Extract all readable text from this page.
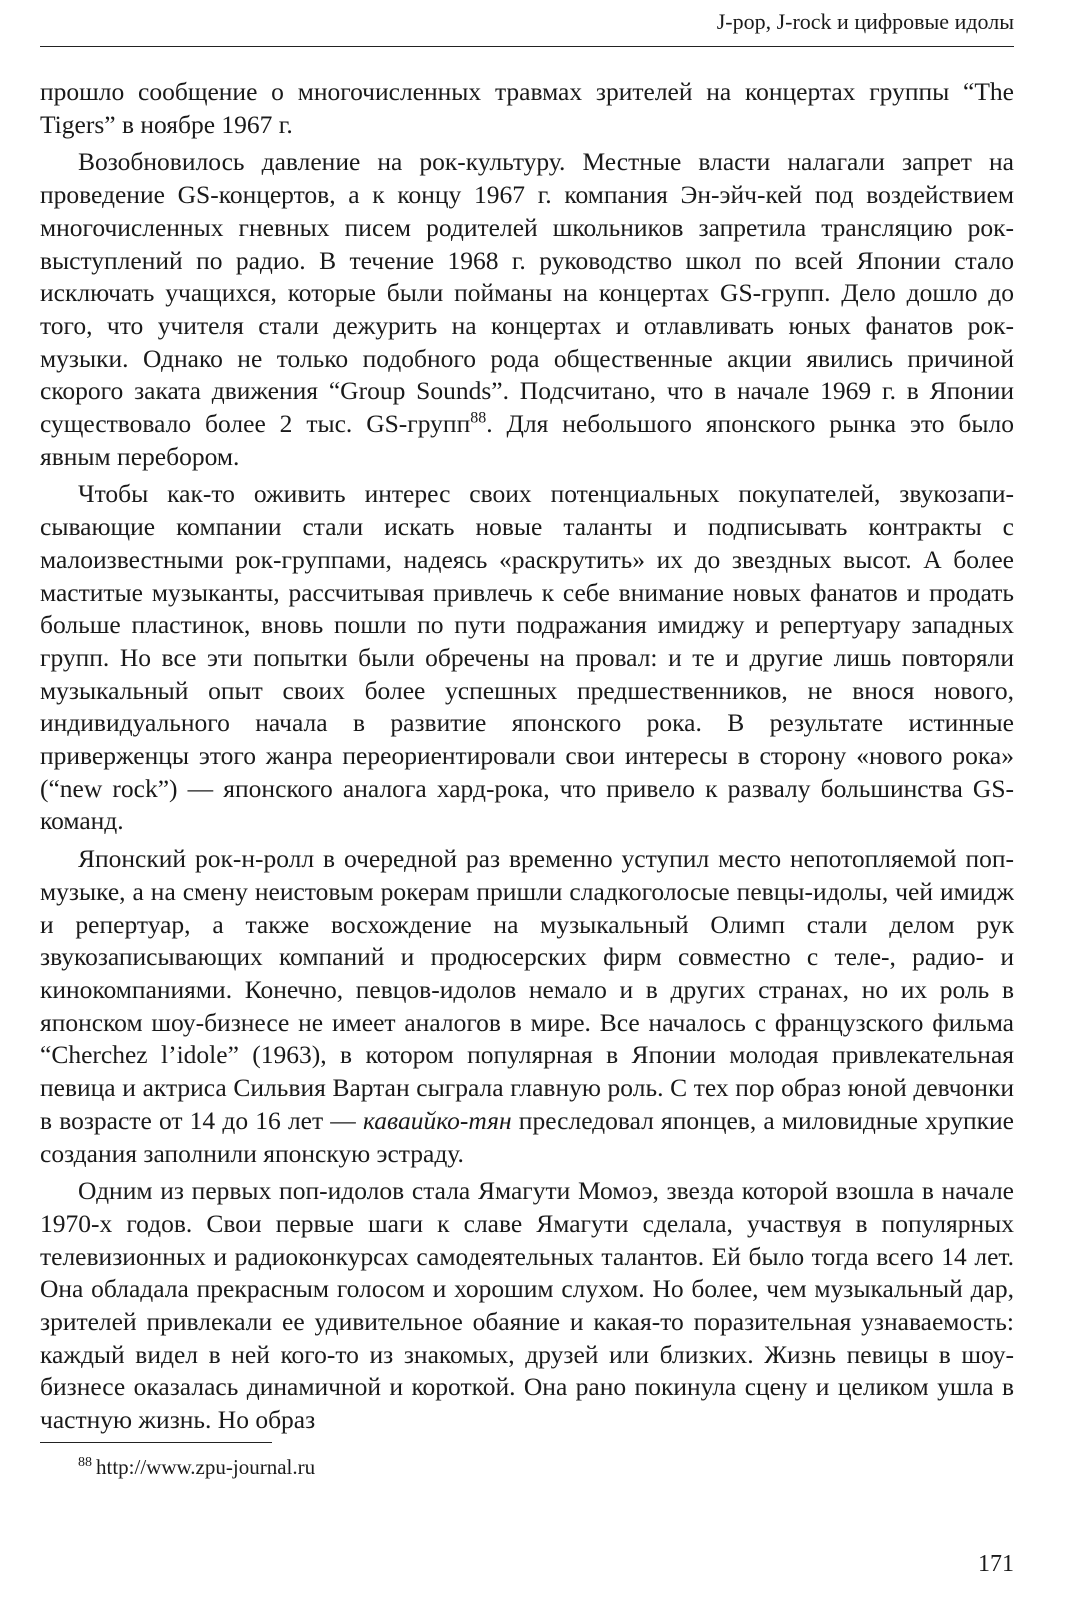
J-pop, J-rock и цифровые идолы

прошло сообщение о многочисленных травмах зрителей на концертах группы “The Tigers” в ноябре 1967 г.

Возобновилось давление на рок-культуру. Местные власти налагали запрет на проведение GS-концертов, а к концу 1967 г. компания Эн-эйч-кей под воздействием многочисленных гневных писем родителей школьников запретила трансляцию рок-выступлений по радио. В течение 1968 г. руководство школ по всей Японии стало исключать учащихся, которые были пойманы на концертах GS-групп. Дело дошло до того, что учителя стали дежурить на концертах и отлавливать юных фанатов рок-музыки. Однако не только подобного рода общественные акции явились причиной скорого заката движения “Group Sounds”. Подсчитано, что в начале 1969 г. в Японии существовало более 2 тыс. GS-групп$^{88}$. Для небольшого японского рынка это было явным перебором.

Чтобы как-то оживить интерес своих потенциальных покупателей, звукозаписывающие компании стали искать новые таланты и подписывать контракты с малоизвестными рок-группами, надеясь «раскрутить» их до звездных высот. А более маститые музыканты, рассчитывая привлечь к себе внимание новых фанатов и продать больше пластинок, вновь пошли по пути подражания имиджу и репертуару западных групп. Но все эти попытки были обречены на провал: и те и другие лишь повторяли музыкальный опыт своих более успешных предшественников, не внося нового, индивидуального начала в развитие японского рока. В результате истинные приверженцы этого жанра переориентировали свои интересы в сторону «нового рока» (“new rock”) — японского аналога хард-рока, что привело к развалу большинства GS-команд.

Японский рок-н-ролл в очередной раз временно уступил место непотопляемой поп-музыке, а на смену неистовым рокерам пришли сладкоголосые певцы-идолы, чей имидж и репертуар, а также восхождение на музыкальный Олимп стали делом рук звукозаписывающих компаний и продюсерских фирм совместно с теле-, радио- и кинокомпаниями. Конечно, певцов-идолов немало и в других странах, но их роль в японском шоу-бизнесе не имеет аналогов в мире. Все началось с французского фильма “Cherchez l’idole” (1963), в котором популярная в Японии молодая привлекательная певица и актриса Сильвия Вартан сыграла главную роль. С тех пор образ юной девчонки в возрасте от 14 до 16 лет — каваийко-тян преследовал японцев, а миловидные хрупкие создания заполнили японскую эстраду.

Одним из первых поп-идолов стала Ямагути Момоэ, звезда которой взошла в начале 1970-х годов. Свои первые шаги к славе Ямагути сделала, участвуя в популярных телевизионных и радиоконкурсах самодеятельных талантов. Ей было тогда всего 14 лет. Она обладала прекрасным голосом и хорошим слухом. Но более, чем музыкальный дар, зрителей привлекали ее удивительное обаяние и какая-то поразительная узнаваемость: каждый видел в ней кого-то из знакомых, друзей или близких. Жизнь певицы в шоу-бизнесе оказалась динамичной и короткой. Она рано покинула сцену и целиком ушла в частную жизнь. Но образ

$^{88}$ http://www.zpu-journal.ru
171
